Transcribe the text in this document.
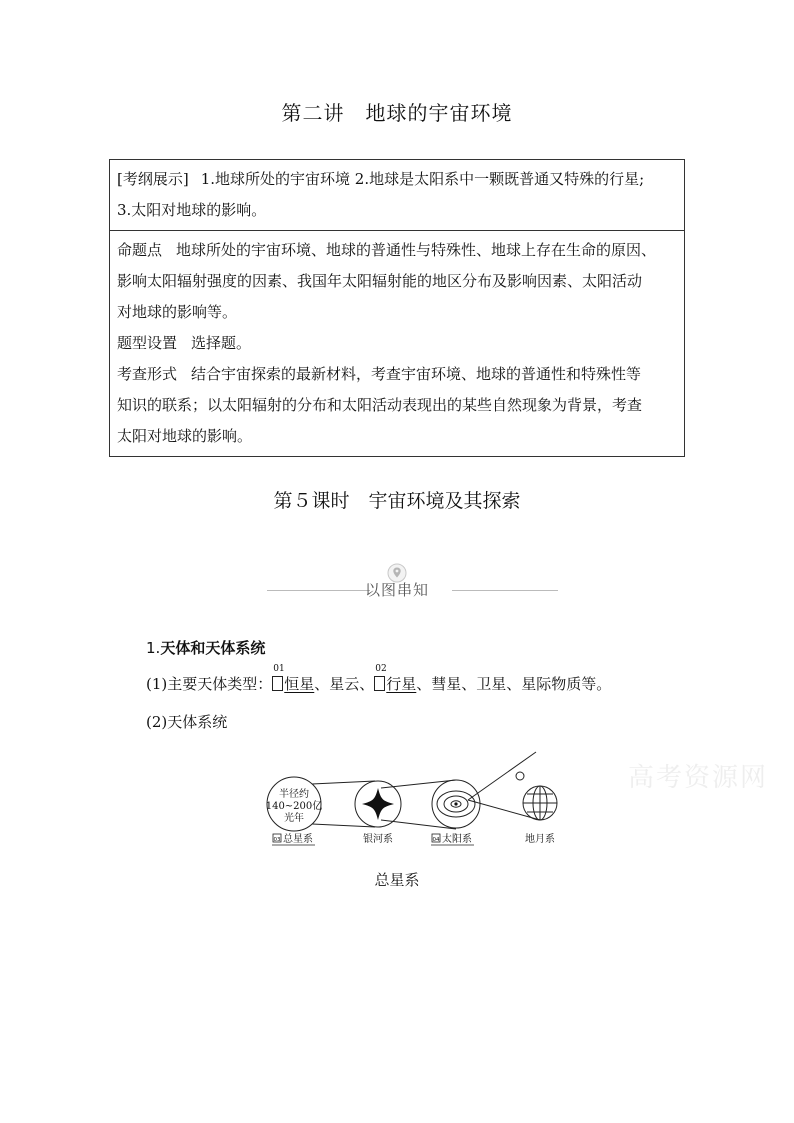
第二讲　地球的宇宙环境
[考纲展示] 1.地球所处的宇宙环境 2.地球是太阳系中一颗既普通又特殊的行星;
3.太阳对地球的影响。
命题点 地球所处的宇宙环境、地球的普通性与特殊性、地球上存在生命的原因、
影响太阳辐射强度的因素、我国年太阳辐射能的地区分布及影响因素、太阳活动
对地球的影响等。
题型设置 选择题。
考查形式 结合宇宙探索的最新材料，考查宇宙环境、地球的普通性和特殊性等
知识的联系；以太阳辐射的分布和太阳活动表现出的某些自然现象为背景，考查
太阳对地球的影响。
第５课时　宇宙环境及其探索
以图串知
1.天体和天体系统
(1)主要天体类型：
01
恒星、星云、
02
行星、彗星、卫星、星际物质等。
(2)天体系统
半径约
140~200亿
光年
03 总星系	银河系	04 太阳系	地月系
高考资源网
总星系
